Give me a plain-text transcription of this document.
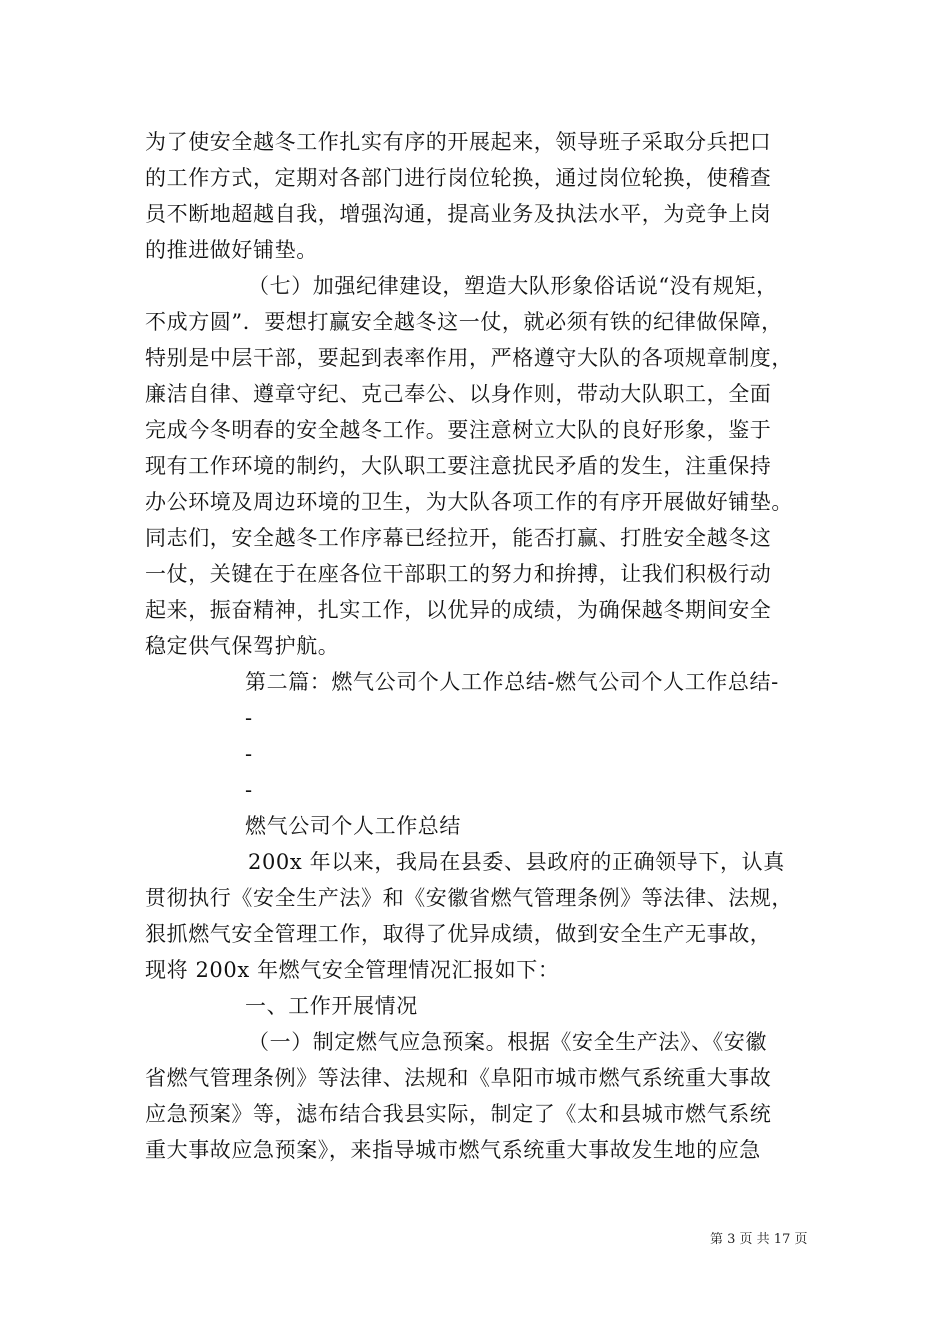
为了使安全越冬工作扎实有序的开展起来，领导班子采取分兵把口
的工作方式，定期对各部门进行岗位轮换，通过岗位轮换，使稽查
员不断地超越自我，增强沟通，提高业务及执法水平，为竞争上岗
的推进做好铺垫。
（七）加强纪律建设，塑造大队形象俗话说“没有规矩，
不成方圆”．要想打赢安全越冬这一仗，就必须有铁的纪律做保障，
特别是中层干部，要起到表率作用，严格遵守大队的各项规章制度，
廉洁自律、遵章守纪、克己奉公、以身作则，带动大队职工，全面
完成今冬明春的安全越冬工作。要注意树立大队的良好形象，鉴于
现有工作环境的制约，大队职工要注意扰民矛盾的发生，注重保持
办公环境及周边环境的卫生，为大队各项工作的有序开展做好铺垫。
同志们，安全越冬工作序幕已经拉开，能否打赢、打胜安全越冬这
一仗，关键在于在座各位干部职工的努力和拚搏，让我们积极行动
起来，振奋精神，扎实工作，以优异的成绩，为确保越冬期间安全
稳定供气保驾护航。
第二篇：燃气公司个人工作总结-燃气公司个人工作总结-
-
-
-
燃气公司个人工作总结
200x 年以来，我局在县委、县政府的正确领导下，认真
贯彻执行《安全生产法》和《安徽省燃气管理条例》等法律、法规，
狠抓燃气安全管理工作，取得了优异成绩，做到安全生产无事故，
现将 200x 年燃气安全管理情况汇报如下：
一、工作开展情况
（一）制定燃气应急预案。根据《安全生产法》、《安徽
省燃气管理条例》等法律、法规和《阜阳市城市燃气系统重大事故
应急预案》等，滤布结合我县实际，制定了《太和县城市燃气系统
重大事故应急预案》，来指导城市燃气系统重大事故发生地的应急
第 3 页 共 17 页
